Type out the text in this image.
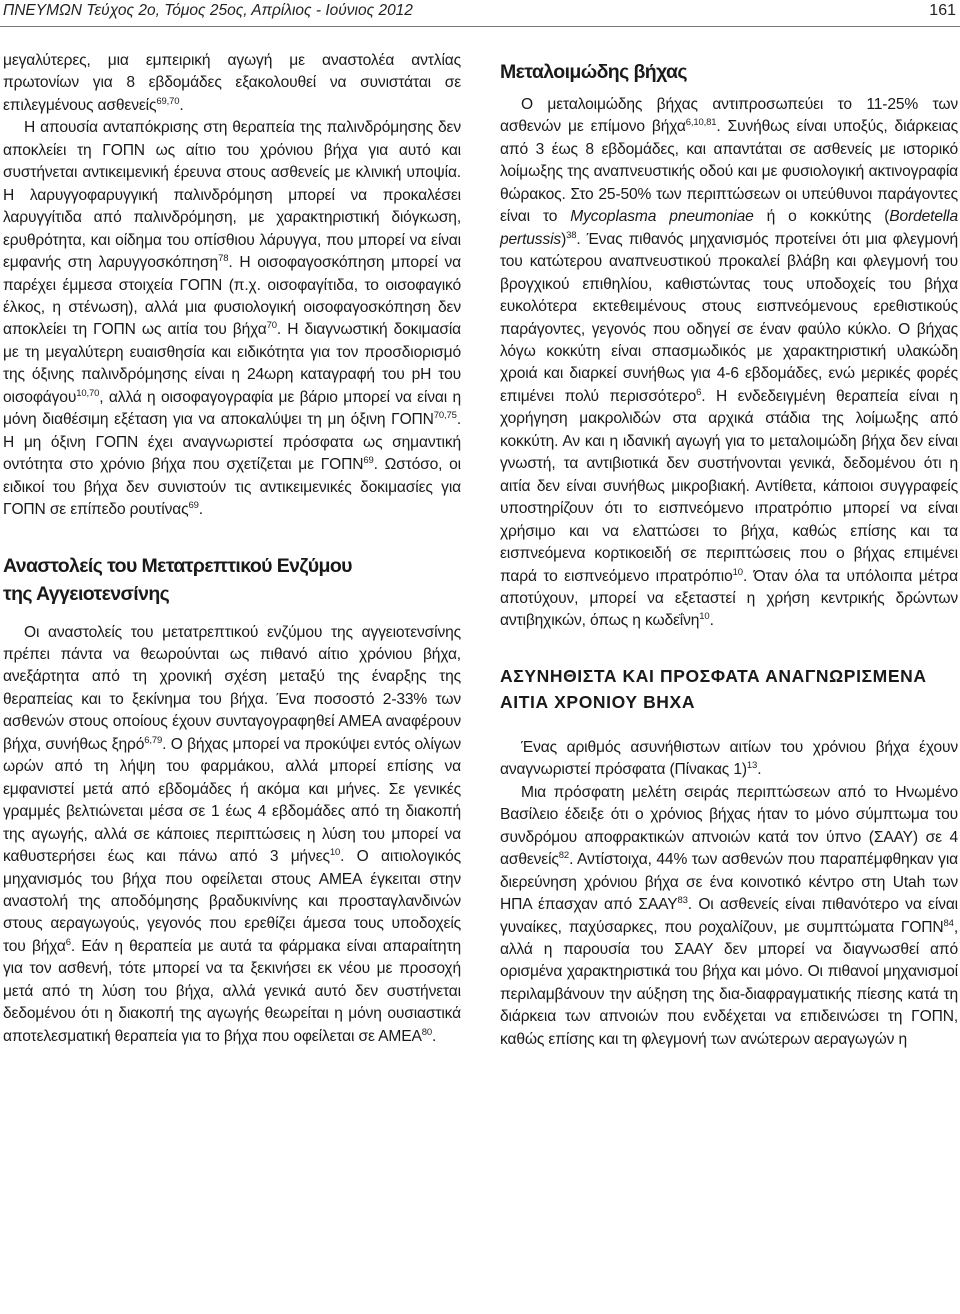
ΠΝΕΥΜΩΝ Τεύχος 2ο, Τόμος 25ος, Απρίλιος - Ιούνιος 2012	161

μεγαλύτερες, μια εμπειρική αγωγή με αναστολέα αντλίας πρωτονίων για 8 εβδομάδες εξακολουθεί να συνιστάται σε επιλεγμένους ασθενείς$^{69,70}$.

Η απουσία ανταπόκρισης στη θεραπεία της παλινδρόμησης δεν αποκλείει τη ΓΟΠΝ ως αίτιο του χρόνιου βήχα για αυτό και συστήνεται αντικειμενική έρευνα στους ασθενείς με κλινική υποψία. Η λαρυγγοφαρυγγική παλινδρόμηση μπορεί να προκαλέσει λαρυγγίτιδα από παλινδρόμηση, με χαρακτηριστική διόγκωση, ερυθρότητα, και οίδημα του οπίσθιου λάρυγγα, που μπορεί να είναι εμφανής στη λαρυγγοσκόπηση$^{78}$. Η οισοφαγοσκόπηση μπορεί να παρέχει έμμεσα στοιχεία ΓΟΠΝ (π.χ. οισοφαγίτιδα, το οισοφαγικό έλκος, η στένωση), αλλά μια φυσιολογική οισοφαγοσκόπηση δεν αποκλείει τη ΓΟΠΝ ως αιτία του βήχα$^{70}$. Η διαγνωστική δοκιμασία με τη μεγαλύτερη ευαισθησία και ειδικότητα για τον προσδιορισμό της όξινης παλινδρόμησης είναι η 24ωρη καταγραφή του pH του οισοφάγου$^{10,70}$, αλλά η οισοφαγογραφία με βάριο μπορεί να είναι η μόνη διαθέσιμη εξέταση για να αποκαλύψει τη μη όξινη ΓΟΠΝ$^{70,75}$. Η μη όξινη ΓΟΠΝ έχει αναγνωριστεί πρόσφατα ως σημαντική οντότητα στο χρόνιο βήχα που σχετίζεται με ΓΟΠΝ$^{69}$. Ωστόσο, οι ειδικοί του βήχα δεν συνιστούν τις αντικειμενικές δοκιμασίες για ΓΟΠΝ σε επίπεδο ρουτίνας$^{69}$.

Αναστολείς του Μετατρεπτικού Ενζύμου
της Αγγειοτενσίνης

Οι αναστολείς του μετατρεπτικού ενζύμου της αγγειοτενσίνης πρέπει πάντα να θεωρούνται ως πιθανό αίτιο χρόνιου βήχα, ανεξάρτητα από τη χρονική σχέση μεταξύ της έναρξης της θεραπείας και το ξεκίνημα του βήχα. Ένα ποσοστό 2-33% των ασθενών στους οποίους έχουν συνταγογραφηθεί ΑΜΕΑ αναφέρουν βήχα, συνήθως ξηρό$^{6,79}$. Ο βήχας μπορεί να προκύψει εντός ολίγων ωρών από τη λήψη του φαρμάκου, αλλά μπορεί επίσης να εμφανιστεί μετά από εβδομάδες ή ακόμα και μήνες. Σε γενικές γραμμές βελτιώνεται μέσα σε 1 έως 4 εβδομάδες από τη διακοπή της αγωγής, αλλά σε κάποιες περιπτώσεις η λύση του μπορεί να καθυστερήσει έως και πάνω από 3 μήνες$^{10}$. Ο αιτιολογικός μηχανισμός του βήχα που οφείλεται στους ΑΜΕΑ έγκειται στην αναστολή της αποδόμησης βραδυκινίνης και προσταγλανδινών στους αεραγωγούς, γεγονός που ερεθίζει άμεσα τους υποδοχείς του βήχα$^6$. Εάν η θεραπεία με αυτά τα φάρμακα είναι απαραίτητη για τον ασθενή, τότε μπορεί να τα ξεκινήσει εκ νέου με προσοχή μετά από τη λύση του βήχα, αλλά γενικά αυτό δεν συστήνεται δεδομένου ότι η διακοπή της αγωγής θεωρείται η μόνη ουσιαστικά αποτελεσματική θεραπεία για το βήχα που οφείλεται σε ΑΜΕΑ$^{80}$.

Μεταλοιμώδης βήχας

Ο μεταλοιμώδης βήχας αντιπροσωπεύει το 11-25% των ασθενών με επίμονο βήχα$^{6,10,81}$. Συνήθως είναι υποξύς, διάρκειας από 3 έως 8 εβδομάδες, και απαντάται σε ασθενείς με ιστορικό λοίμωξης της αναπνευστικής οδού και με φυσιολογική ακτινογραφία θώρακος. Στο 25-50% των περιπτώσεων οι υπεύθυνοι παράγοντες είναι το Mycoplasma pneumoniae ή ο κοκκύτης (Bordetella pertussis)$^{38}$. Ένας πιθανός μηχανισμός προτείνει ότι μια φλεγμονή του κατώτερου αναπνευστικού προκαλεί βλάβη και φλεγμονή του βρογχικού επιθηλίου, καθιστώντας τους υποδοχείς του βήχα ευκολότερα εκτεθειμένους στους εισπνεόμενους ερεθιστικούς παράγοντες, γεγονός που οδηγεί σε έναν φαύλο κύκλο. Ο βήχας λόγω κοκκύτη είναι σπασμωδικός με χαρακτηριστική υλακώδη χροιά και διαρκεί συνήθως για 4-6 εβδομάδες, ενώ μερικές φορές επιμένει πολύ περισσότερο$^6$. Η ενδεδειγμένη θεραπεία είναι η χορήγηση μακρολιδών στα αρχικά στάδια της λοίμωξης από κοκκύτη. Αν και η ιδανική αγωγή για το μεταλοιμώδη βήχα δεν είναι γνωστή, τα αντιβιοτικά δεν συστήνονται γενικά, δεδομένου ότι η αιτία δεν είναι συνήθως μικροβιακή. Αντίθετα, κάποιοι συγγραφείς υποστηρίζουν ότι το εισπνεόμενο ιπρατρόπιο μπορεί να είναι χρήσιμο και να ελαττώσει το βήχα, καθώς επίσης και τα εισπνεόμενα κορτικοειδή σε περιπτώσεις που ο βήχας επιμένει παρά το εισπνεόμενο ιπρατρόπιο$^{10}$. Όταν όλα τα υπόλοιπα μέτρα αποτύχουν, μπορεί να εξεταστεί η χρήση κεντρικής δρώντων αντιβηχικών, όπως η κωδεΐνη$^{10}$.

ΑΣΥΝΗΘΙΣΤΑ ΚΑΙ ΠΡΟΣΦΑΤΑ ΑΝΑΓΝΩΡΙΣΜΕΝΑ
ΑΙΤΙΑ ΧΡΟΝΙΟΥ ΒΗΧΑ

Ένας αριθμός ασυνήθιστων αιτίων του χρόνιου βήχα έχουν αναγνωριστεί πρόσφατα (Πίνακας 1)$^{13}$.

Μια πρόσφατη μελέτη σειράς περιπτώσεων από το Ηνωμένο Βασίλειο έδειξε ότι ο χρόνιος βήχας ήταν το μόνο σύμπτωμα του συνδρόμου αποφρακτικών απνοιών κατά τον ύπνο (ΣΑΑΥ) σε 4 ασθενείς$^{82}$. Αντίστοιχα, 44% των ασθενών που παραπέμφθηκαν για διερεύνηση χρόνιου βήχα σε ένα κοινοτικό κέντρο στη Utah των ΗΠΑ έπασχαν από ΣΑΑΥ$^{83}$. Οι ασθενείς είναι πιθανότερο να είναι γυναίκες, παχύσαρκες, που ροχαλίζουν, με συμπτώματα ΓΟΠΝ$^{84}$, αλλά η παρουσία του ΣΑΑΥ δεν μπορεί να διαγνωσθεί από ορισμένα χαρακτηριστικά του βήχα και μόνο. Οι πιθανοί μηχανισμοί περιλαμβάνουν την αύξηση της δια-διαφραγματικής πίεσης κατά τη διάρκεια των απνοιών που ενδέχεται να επιδεινώσει τη ΓΟΠΝ, καθώς επίσης και τη φλεγμονή των ανώτερων αεραγωγών η
